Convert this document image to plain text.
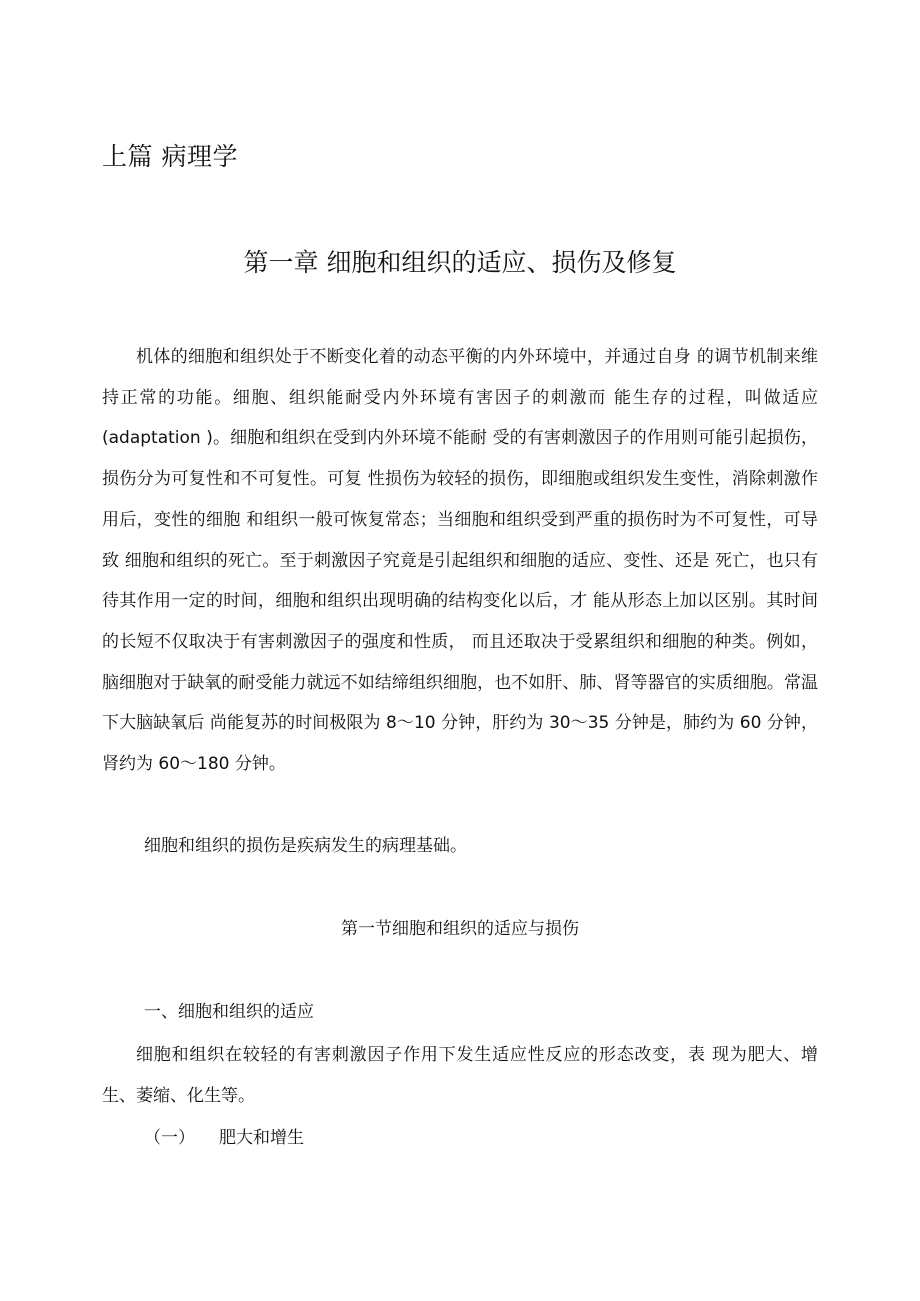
上篇 病理学
第一章 细胞和组织的适应、损伤及修复

机体的细胞和组织处于不断变化着的动态平衡的内外环境中，并通过自身 的调节机制来维持正常的功能。细胞、组织能耐受内外环境有害因子的刺激而 能生存的过程，叫做适应(adaptation )。细胞和组织在受到内外环境不能耐 受的有害刺激因子的作用则可能引起损伤，损伤分为可复性和不可复性。可复 性损伤为较轻的损伤，即细胞或组织发生变性，消除刺激作用后，变性的细胞 和组织一般可恢复常态；当细胞和组织受到严重的损伤时为不可复性，可导致 细胞和组织的死亡。至于刺激因子究竟是引起组织和细胞的适应、变性、还是 死亡，也只有待其作用一定的时间，细胞和组织出现明确的结构变化以后，才 能从形态上加以区别。其时间的长短不仅取决于有害刺激因子的强度和性质， 而且还取决于受累组织和细胞的种类。例如，脑细胞对于缺氧的耐受能力就远不如结缔组织细胞，也不如肝、肺、肾等器官的实质细胞。常温下大脑缺氧后 尚能复苏的时间极限为 8〜10 分钟，肝约为 30〜35 分钟是，肺约为 60 分钟，肾约为 60〜180 分钟。

细胞和组织的损伤是疾病发生的病理基础。
第一节细胞和组织的适应与损伤
一、细胞和组织的适应

细胞和组织在较轻的有害刺激因子作用下发生适应性反应的形态改变，表 现为肥大、增生、萎缩、化生等。

（一） 肥大和增生
